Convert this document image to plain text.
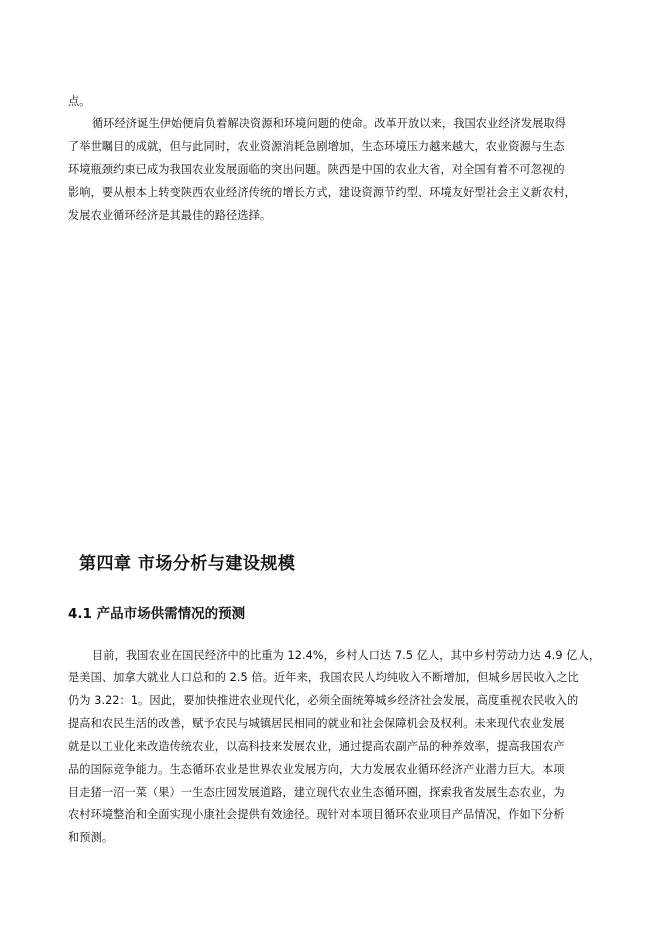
点。
循环经济诞生伊始便肩负着解决资源和环境问题的使命。改革开放以来，我国农业经济发展取得
了举世瞩目的成就，但与此同时，农业资源消耗急剧增加，生态环境压力越来越大，农业资源与生态
环境瓶颈约束已成为我国农业发展面临的突出问题。陕西是中国的农业大省，对全国有着不可忽视的
影响，要从根本上转变陕西农业经济传统的增长方式，建设资源节约型、环境友好型社会主义新农村，
发展农业循环经济是其最佳的路径选择。
第四章 市场分析与建设规模
4.1 产品市场供需情况的预测
目前，我国农业在国民经济中的比重为 12.4%，乡村人口达 7.5 亿人，其中乡村劳动力达 4.9 亿人，
是美国、加拿大就业人口总和的 2.5 倍。近年来，我国农民人均纯收入不断增加，但城乡居民收入之比
仍为 3.22：1。因此，要加快推进农业现代化，必须全面统筹城乡经济社会发展，高度重视农民收入的
提高和农民生活的改善，赋予农民与城镇居民相同的就业和社会保障机会及权利。未来现代农业发展
就是以工业化来改造传统农业，以高科技来发展农业，通过提高农副产品的种养效率，提高我国农产
品的国际竞争能力。生态循环农业是世界农业发展方向，大力发展农业循环经济产业潜力巨大。本项
目走猪一沼一菜（果）一生态庄园发展道路，建立现代农业生态循环圈，探索我省发展生态农业，为
农村环境整治和全面实现小康社会提供有效途径。现针对本项目循环农业项目产品情况，作如下分析
和预测。
